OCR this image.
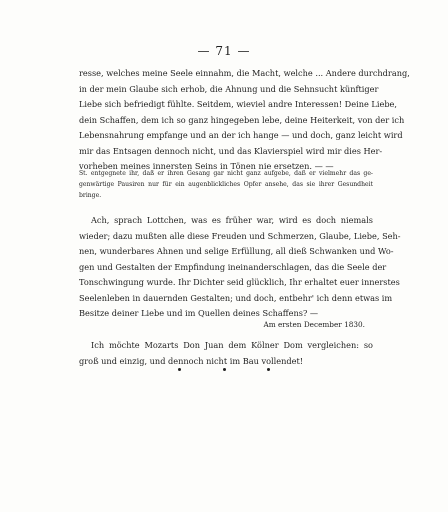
— 71 —
resse, welches meine Seele einnahm, die Macht, welche ... Andere durchdrang,
in der mein Glaube sich erhob, die Ahnung und die Sehnsucht künftiger
Liebe sich befriedigt fühlte. Seitdem, wieviel andre Interessen! Deine Liebe,
dein Schaffen, dem ich so ganz hingegeben lebe, deine Heiterkeit, von der ich
Lebensnahrung empfange und an der ich hange — und doch, ganz leicht wird
mir das Entsagen dennoch nicht, und das Klavierspiel wird mir dies Her-
vorheben meines innersten Seins in Tönen nie ersetzen. — —
St. entgegnete ihr, daß er ihren Gesang gar nicht ganz aufgebe, daß er vielmehr das ge-
genwärtige Pausiren nur für ein augenblickliches Opfer ansehe, das sie ihrer Gesundheit
bringe.
Ach, sprach Lottchen, was es früher war, wird es doch niemals
wieder; dazu mußten alle diese Freuden und Schmerzen, Glaube, Liebe, Seh-
nen, wunderbares Ahnen und selige Erfüllung, all dieß Schwanken und Wo-
gen und Gestalten der Empfindung ineinanderschlagen, das die Seele der
Tonschwingung wurde. Ihr Dichter seid glücklich, Ihr erhaltet euer innerstes
Seelenleben in dauernden Gestalten; und doch, entbehr' ich denn etwas im
Besitze deiner Liebe und im Quellen deines Schaffens? —
Am ersten December 1830.
Ich möchte Mozarts Don Juan dem Kölner Dom vergleichen: so
groß und einzig, und dennoch nicht im Bau vollendet!
